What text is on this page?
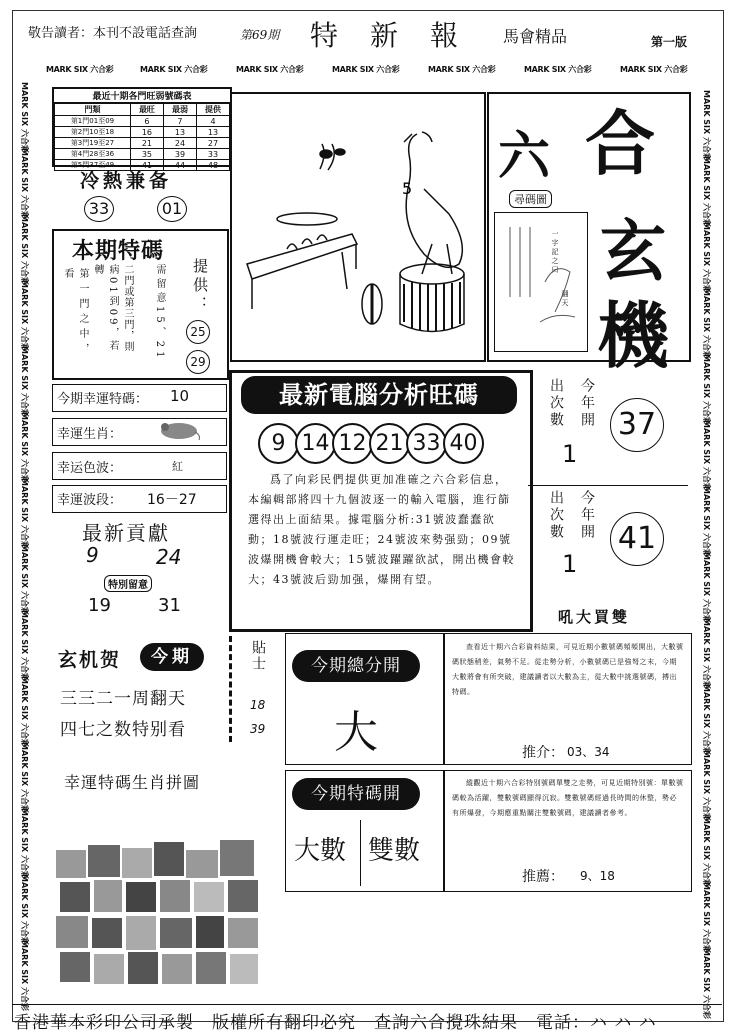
敬告讀者：本刊不設電話查詢	第69期 特　新　報	馬會精品	第一版
MARK SIX 六合彩	MARK SIX 六合彩	MARK SIX 六合彩	MARK SIX 六合彩	MARK SIX 六合彩	MARK SIX 六合彩	MARK SIX 六合彩
MARK SIX 六合彩	MARK SIX 六合彩
MARK SIX 六合彩	MARK SIX 六合彩
MARK SIX 六合彩	MARK SIX 六合彩
MARK SIX 六合彩	MARK SIX 六合彩
MARK SIX 六合彩	MARK SIX 六合彩
MARK SIX 六合彩	MARK SIX 六合彩
MARK SIX 六合彩	MARK SIX 六合彩
MARK SIX 六合彩	MARK SIX 六合彩
MARK SIX 六合彩	MARK SIX 六合彩
MARK SIX 六合彩	MARK SIX 六合彩
MARK SIX 六合彩	MARK SIX 六合彩
MARK SIX 六合彩	MARK SIX 六合彩
MARK SIX 六合彩	MARK SIX 六合彩
MARK SIX 六合彩	MARK SIX 六合彩
最近十期各門旺弱號碼表
門類	最旺	最弱	提供
第1門01至09	6	7	4
第2門10至18	16	13	13
第3門19至27	21	24	27
第4門28至36	35	39	33
第5門37至49	41	44	48
冷熱兼备
33	01
本期特碼
第一門之中，看	病01到09，若轉	二門或第三門，則 需留意15、21 提供：
25
29
5
六 合
玄
機
尋碼圖
一字記之曰
翻天
今期幸運特碼： 10
幸運生肖：
幸运色波：	紅
幸運波段： 16－27
最新貢獻
9	24
特別留意
19	31
最新電腦分析旺碼
9 14 12 21 33 40
爲了向彩民們提供更加准確之六合彩信息，本編輯部將四十九個波逐一的輸入電腦，進行篩選得出上面結果。據電腦分析:31號波蠢蠢欲動；18號波行運走旺；24號波來勢强勁；09號波爆開機會較大；15號波躍躍欲試，開出機會較大；43號波后勁加强，爆開有望。
今年開
出次數
1
37
今年開
出次數
1
41
吼大買雙
玄机贺	今期
三三二一周翻天
四七之数特别看
貼士
18
39
今期總分開
大
今期特碼開
大數 雙數
查看近十期六合彩資料結果，可見近期小數號碼頻頻開出，大數號碼狀態稍差，氣勢不足。從走勢分析，小數號碼已是強弩之末，今期大數將會有所突破，建議讀者以大數為主，從大數中挑選號碼，搏出特碼。
推介： 03、34
縱觀近十期六合彩特別號碼單雙之走勢，可見近期特別號：單數號碼較為活躍，雙數號碼顯得沉寂。雙數號碼經過長時間的休整，勢必有所爆發，今期應重點關注雙數號碼，建議讀者參考。
推薦： 9、18
幸運特碼生肖拼圖
香港華本彩印公司承製　版權所有翻印必究　查詢六合攪珠結果　電話：ハ ハ ハ
